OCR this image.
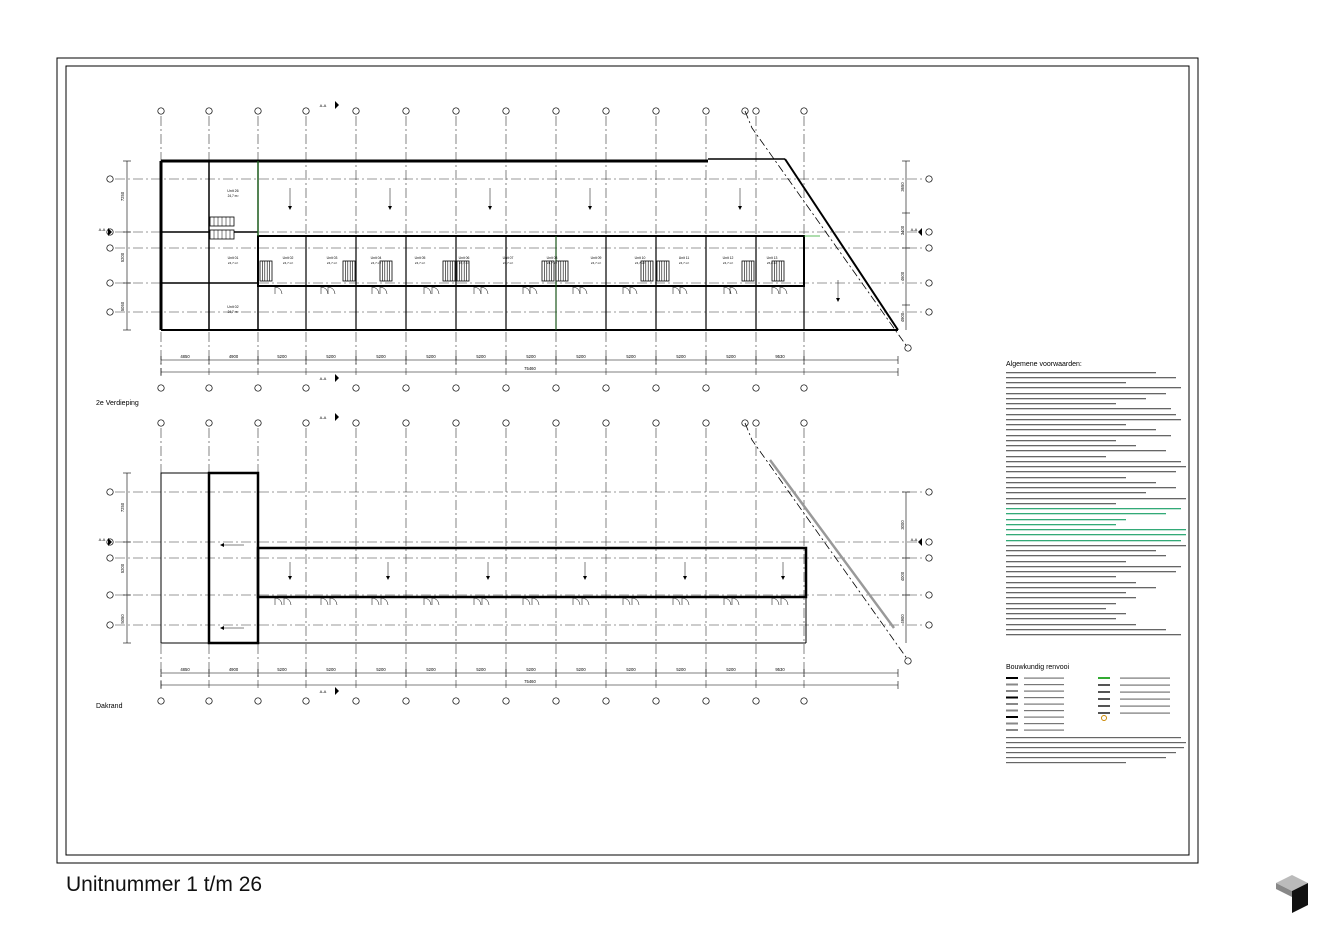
Unit 26
24,7 m²
Unit 02
24,7 m²
Unit 01
24,7 m²
Unit 02
24,7 m²
Unit 03
24,7 m²
Unit 04
24,7 m²
Unit 05
24,7 m²
Unit 06
24,7 m²
Unit 07
24,7 m²
Unit 08
24,7 m²
Unit 09
24,7 m²
Unit 10
24,7 m²
Unit 11
24,7 m²
Unit 12
24,7 m²
Unit 13
26,8 m²
A-A
A-A
A-A	A-A
4850	4900	5200	5200	5200	5200	5200	5200	5200	5200	5200	5200	9530
75460
7250
5200
5050
3650
3400
4600
4900
2e Verdieping
A-A
A-A
A-A	A-A
4850	4900	5200	5200	5200	5200	5200	5200	5200	5200	5200	5200	9530
75460
7250
5200
5050
3000
4000
4900
Dakrand
Algemene voorwaarden:
Bouwkundig renvooi
Unitnummer 1 t/m 26
